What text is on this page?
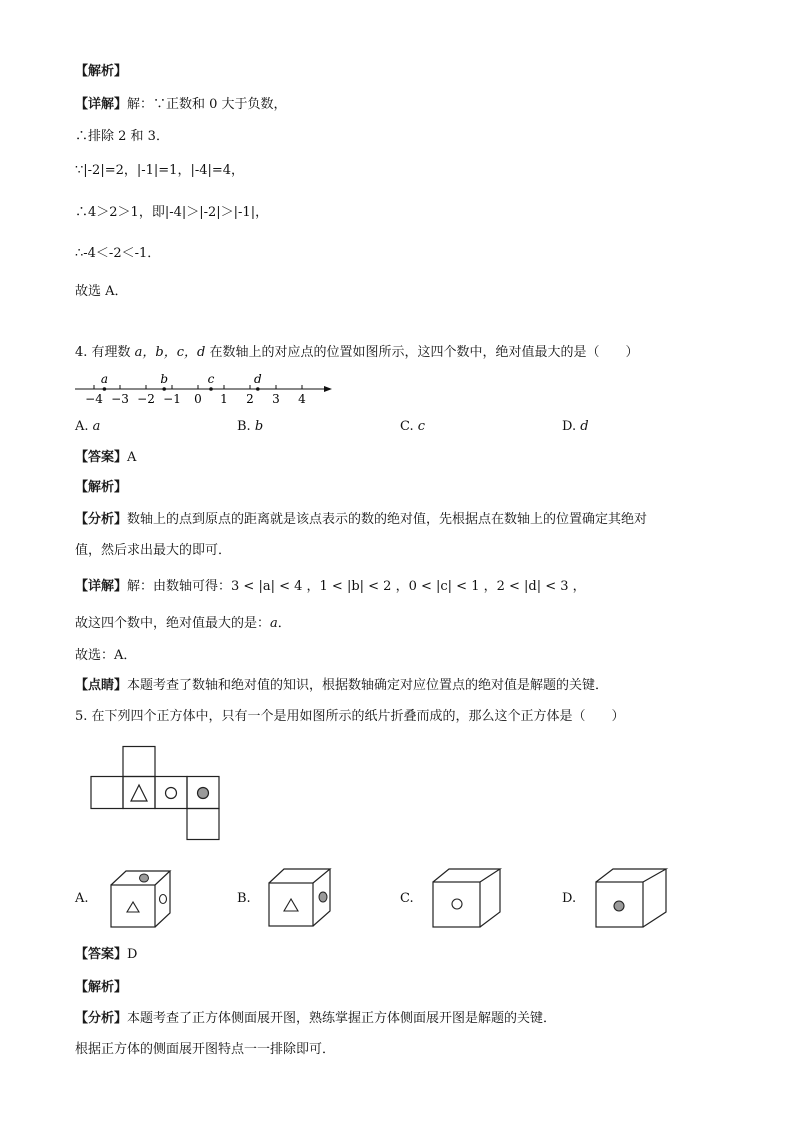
【解析】
【详解】解：∵正数和 0 大于负数，
∴排除 2 和 3．
∵|-2|=2，|-1|=1，|-4|=4，
∴4＞2＞1，即|-4|＞|-2|＞|-1|，
∴-4＜-2＜-1．
故选 A．
4. 有理数 a，b，c，d 在数轴上的对应点的位置如图所示，这四个数中，绝对值最大的是（　　）
−4 −3 −2 −1 0 1 2 3 4
a	b	c	d
A. a	B. b	C. c	D. d
【答案】A
【解析】
【分析】数轴上的点到原点的距离就是该点表示的数的绝对值，先根据点在数轴上的位置确定其绝对
值，然后求出最大的即可．
【详解】解：由数轴可得：3 < |a| < 4 ，1 < |b| < 2 ，0 < |c| < 1 ，2 < |d| < 3 ，
故这四个数中，绝对值最大的是：a．
故选：A．
【点睛】本题考查了数轴和绝对值的知识，根据数轴确定对应位置点的绝对值是解题的关键．
5. 在下列四个正方体中，只有一个是用如图所示的纸片折叠而成的，那么这个正方体是（　　）
A.	B.	C.	D.
【答案】D
【解析】
【分析】本题考查了正方体侧面展开图，熟练掌握正方体侧面展开图是解题的关键．
根据正方体的侧面展开图特点一一排除即可．
